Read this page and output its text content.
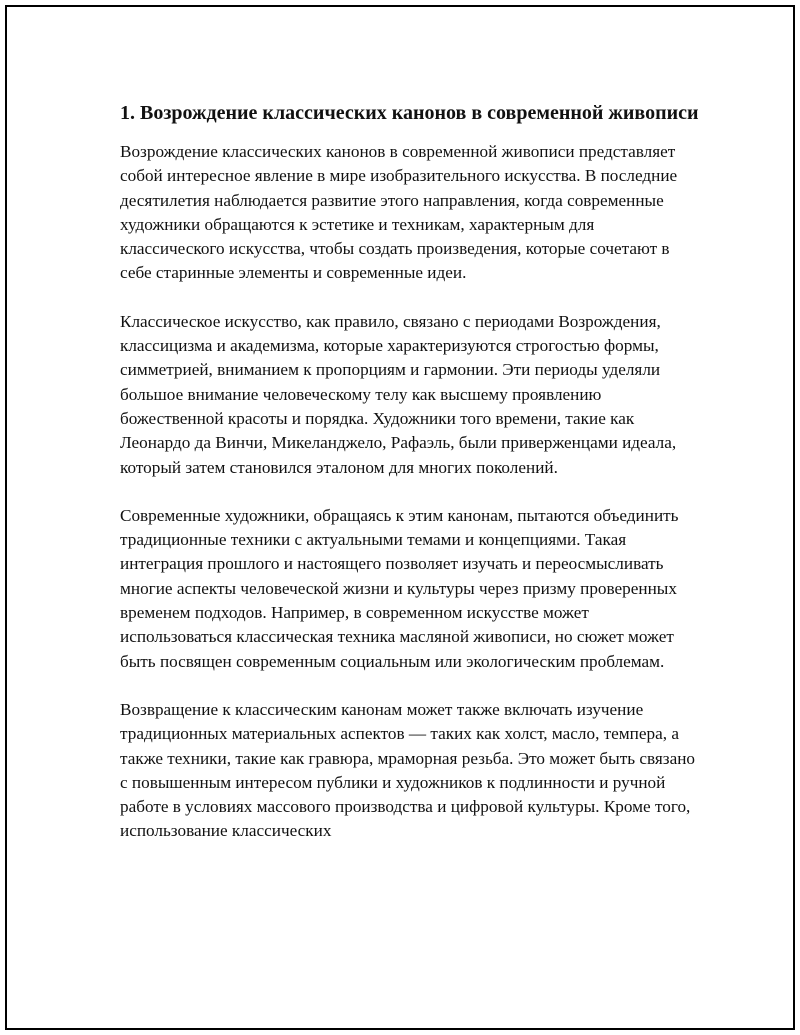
1. Возрождение классических канонов в современной живописи

Возрождение классических канонов в современной живописи представляет собой интересное явление в мире изобразительного искусства. В последние десятилетия наблюдается развитие этого направления, когда современные художники обращаются к эстетике и техникам, характерным для классического искусства, чтобы создать произведения, которые сочетают в себе старинные элементы и современные идеи.

Классическое искусство, как правило, связано с периодами Возрождения, классицизма и академизма, которые характеризуются строгостью формы, симметрией, вниманием к пропорциям и гармонии. Эти периоды уделяли большое внимание человеческому телу как высшему проявлению божественной красоты и порядка. Художники того времени, такие как Леонардо да Винчи, Микеланджело, Рафаэль, были приверженцами идеала, который затем становился эталоном для многих поколений.

Современные художники, обращаясь к этим канонам, пытаются объединить традиционные техники с актуальными темами и концепциями. Такая интеграция прошлого и настоящего позволяет изучать и переосмысливать многие аспекты человеческой жизни и культуры через призму проверенных временем подходов. Например, в современном искусстве может использоваться классическая техника масляной живописи, но сюжет может быть посвящен современным социальным или экологическим проблемам.

Возвращение к классическим канонам может также включать изучение традиционных материальных аспектов — таких как холст, масло, темпера, а также техники, такие как гравюра, мраморная резьба. Это может быть связано с повышенным интересом публики и художников к подлинности и ручной работе в условиях массового производства и цифровой культуры. Кроме того, использование классических
